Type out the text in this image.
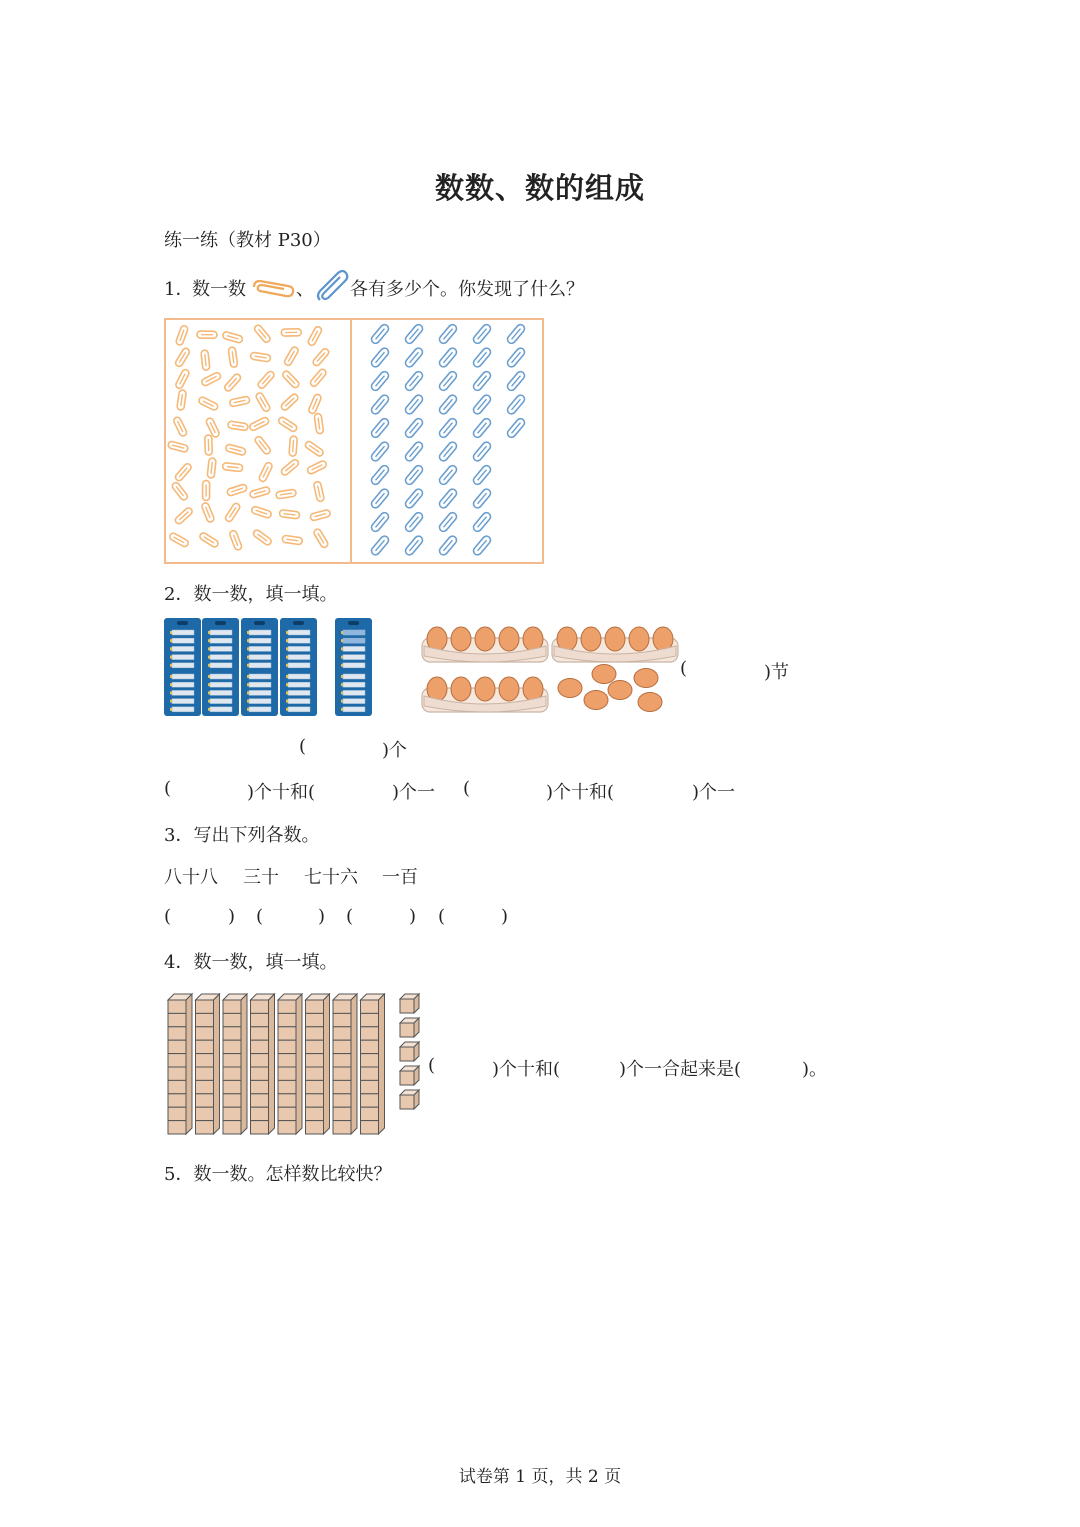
数数、数的组成
练一练（教材 P30）
1．
数一数	、 各有多少个。你发现了什么？
2．数一数，填一填。
(	)节
(	)个
(	)个十和(	)个一 (	)个十和(	)个一
3．写出下列各数。
八十八 三十 七十六 一百
(	) (	) (	) (	)
4．数一数，填一填。
(	)个十和(	)个一合起来是(	)。
5．数一数。怎样数比较快？
试卷第 1 页，共 2 页
